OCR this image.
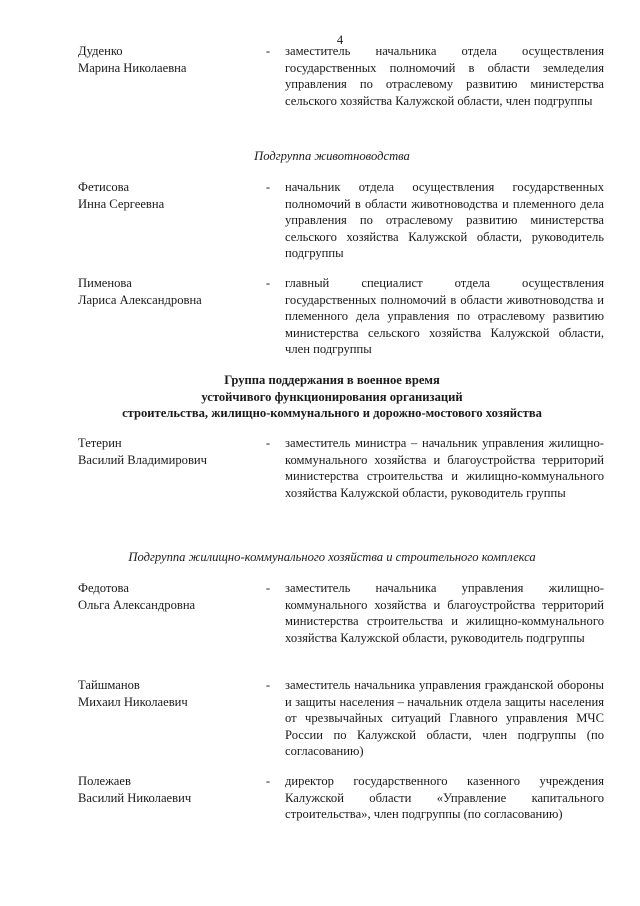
4
Дуденко
Марина Николаевна
- заместитель начальника отдела осуществления государственных полномочий в области земледелия управления по отраслевому развитию министерства сельского хозяйства Калужской области, член подгруппы
Подгруппа животноводства
Фетисова
Инна Сергеевна
- начальник отдела осуществления государственных полномочий в области животноводства и племенного дела управления по отраслевому развитию министерства сельского хозяйства Калужской области, руководитель подгруппы
Пименова
Лариса Александровна
- главный специалист отдела осуществления государственных полномочий в области животноводства и племенного дела управления по отраслевому развитию министерства сельского хозяйства Калужской области, член подгруппы
Группа поддержания в военное время
устойчивого функционирования организаций
строительства, жилищно-коммунального и дорожно-мостового хозяйства
Тетерин
Василий Владимирович
- заместитель министра – начальник управления жилищно-коммунального хозяйства и благоустройства территорий министерства строительства и жилищно-коммунального хозяйства Калужской области, руководитель группы
Подгруппа жилищно-коммунального хозяйства и строительного комплекса
Федотова
Ольга Александровна
- заместитель начальника управления жилищно-коммунального хозяйства и благоустройства территорий министерства строительства и жилищно-коммунального хозяйства Калужской области, руководитель подгруппы
Тайшманов
Михаил Николаевич
- заместитель начальника управления гражданской обороны и защиты населения – начальник отдела защиты населения от чрезвычайных ситуаций Главного управления МЧС России по Калужской области, член подгруппы (по согласованию)
Полежаев
Василий Николаевич
- директор государственного казенного учреждения Калужской области «Управление капитального строительства», член подгруппы (по согласованию)
